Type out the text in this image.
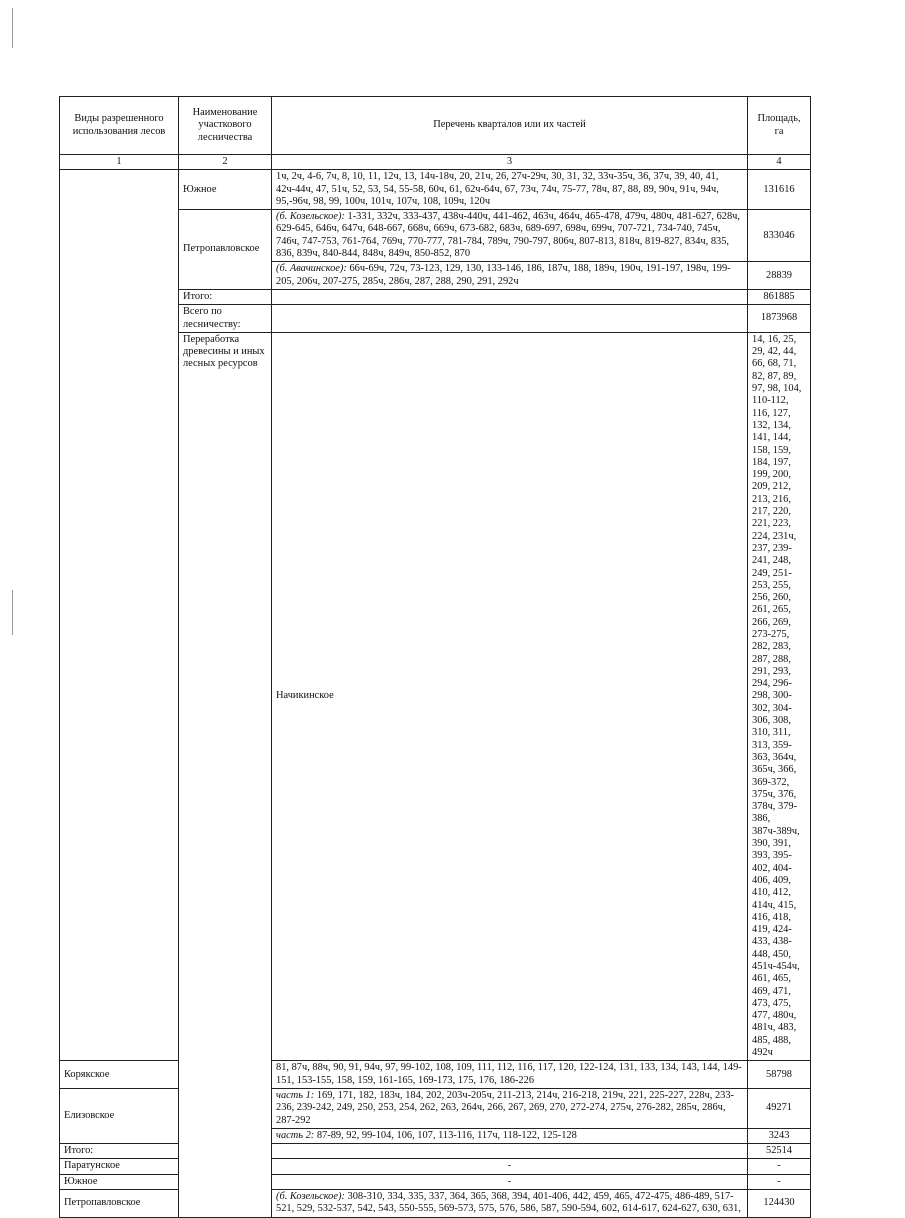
Виды разрешенного использования лесов	Наименование участкового лесничества	Перечень кварталов или их частей	Площадь, га	
1	2	3	4	
	Южное	1ч, 2ч, 4-6, 7ч, 8, 10, 11, 12ч, 13, 14ч-18ч, 20, 21ч, 26, 27ч-29ч, 30, 31, 32, 33ч-35ч, 36, 37ч, 39, 40, 41, 42ч-44ч, 47, 51ч, 52, 53, 54, 55-58, 60ч, 61, 62ч-64ч, 67, 73ч, 74ч, 75-77, 78ч, 87, 88, 89, 90ч, 91ч, 94ч, 95,-96ч, 98, 99, 100ч, 101ч, 107ч, 108, 109ч, 120ч	131616	
	Петропавловское	(б. Козельское): 1-331, 332ч, 333-437, 438ч-440ч, 441-462, 463ч, 464ч, 465-478, 479ч, 480ч, 481-627, 628ч, 629-645, 646ч, 647ч, 648-667, 668ч, 669ч, 673-682, 683ч, 689-697, 698ч, 699ч, 707-721, 734-740, 745ч, 746ч, 747-753, 761-764, 769ч, 770-777, 781-784, 789ч, 790-797, 806ч, 807-813, 818ч, 819-827, 834ч, 835, 836, 839ч, 840-844, 848ч, 849ч, 850-852, 870	833046	
		(б. Авачинское): 66ч-69ч, 72ч, 73-123, 129, 130, 133-146, 186, 187ч, 188, 189ч, 190ч, 191-197, 198ч, 199-205, 206ч, 207-275, 285ч, 286ч, 287, 288, 290, 291, 292ч	28839	
	Итого:		861885	
	Всего по лесничеству:		1873968	
	Переработка древесины и иных лесных ресурсов	Начикинское	14, 16, 25, 29, 42, 44, 66, 68, 71, 82, 87, 89, 97, 98, 104, 110-112, 116, 127, 132, 134, 141, 144, 158, 159, 184, 197, 199, 200, 209, 212, 213, 216, 217, 220, 221, 223, 224, 231ч, 237, 239-241, 248, 249, 251-253, 255, 256, 260, 261, 265, 266, 269, 273-275, 282, 283, 287, 288, 291, 293, 294, 296-298, 300-302, 304-306, 308, 310, 311, 313, 359-363, 364ч, 365ч, 366, 369-372, 375ч, 376, 378ч, 379-386, 387ч-389ч, 390, 391, 393, 395-402, 404-406, 409, 410, 412, 414ч, 415, 416, 418, 419, 424-433, 438-448, 450, 451ч-454ч, 461, 465, 469, 471, 473, 475, 477, 480ч, 481ч, 483, 485, 488, 492ч	
Корякское		81, 87ч, 88ч, 90, 91, 94ч, 97, 99-102, 108, 109, 111, 112, 116, 117, 120, 122-124, 131, 133, 134, 143, 144, 149-151, 153-155, 158, 159, 161-165, 169-173, 175, 176, 186-226	58798	
Елизовское		часть 1: 169, 171, 182, 183ч, 184, 202, 203ч-205ч, 211-213, 214ч, 216-218, 219ч, 221, 225-227, 228ч, 233-236, 239-242, 249, 250, 253, 254, 262, 263, 264ч, 266, 267, 269, 270, 272-274, 275ч, 276-282, 285ч, 286ч, 287-292	49271	
		часть 2: 87-89, 92, 99-104, 106, 107, 113-116, 117ч, 118-122, 125-128	3243	
Итого:			52514	
Паратунское		-	-	
Южное		-	-	
Петропавловское		(б. Козельское): 308-310, 334, 335, 337, 364, 365, 368, 394, 401-406, 442, 459, 465, 472-475, 486-489, 517-521, 529, 532-537, 542, 543, 550-555, 569-573, 575, 576, 586, 587, 590-594, 602, 614-617, 624-627, 630, 631,	124430	
